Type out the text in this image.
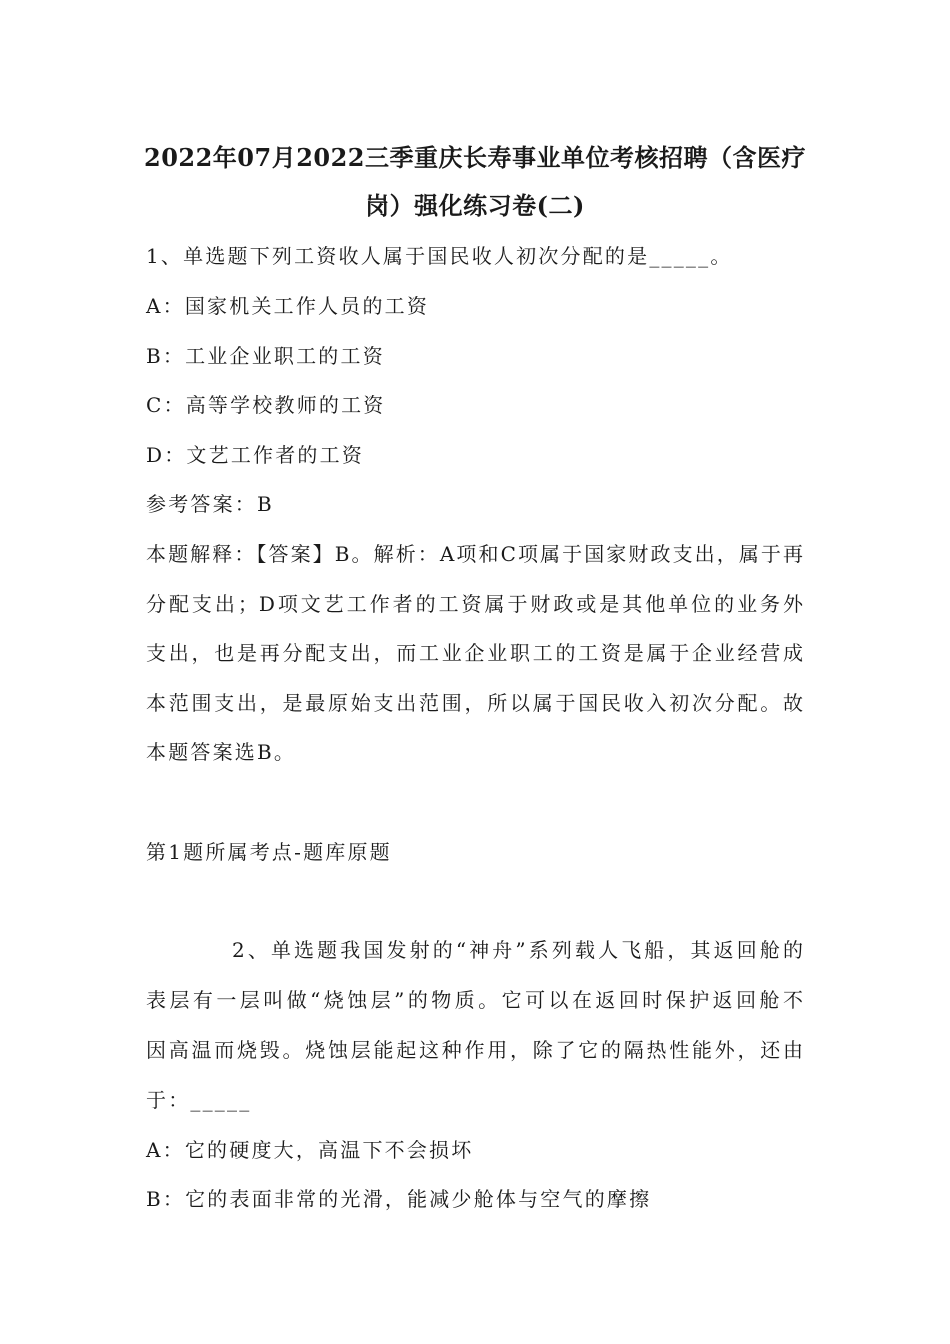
2022年07月2022三季重庆长寿事业单位考核招聘（含医疗
岗）强化练习卷(二)
1、单选题下列工资收人属于国民收人初次分配的是_____。
A：国家机关工作人员的工资
B：工业企业职工的工资
C：高等学校教师的工资
D：文艺工作者的工资
参考答案：B
本题解释：【答案】B。解析：A项和C项属于国家财政支出，属于再
分配支出；D项文艺工作者的工资属于财政或是其他单位的业务外
支出，也是再分配支出，而工业企业职工的工资是属于企业经营成
本范围支出，是最原始支出范围，所以属于国民收入初次分配。故
本题答案选B。
第1题所属考点-题库原题
2、单选题我国发射的“神舟”系列载人飞船，其返回舱的
表层有一层叫做“烧蚀层”的物质。它可以在返回时保护返回舱不
因高温而烧毁。烧蚀层能起这种作用，除了它的隔热性能外，还由
于：_____
A：它的硬度大，高温下不会损坏
B：它的表面非常的光滑，能减少舱体与空气的摩擦
